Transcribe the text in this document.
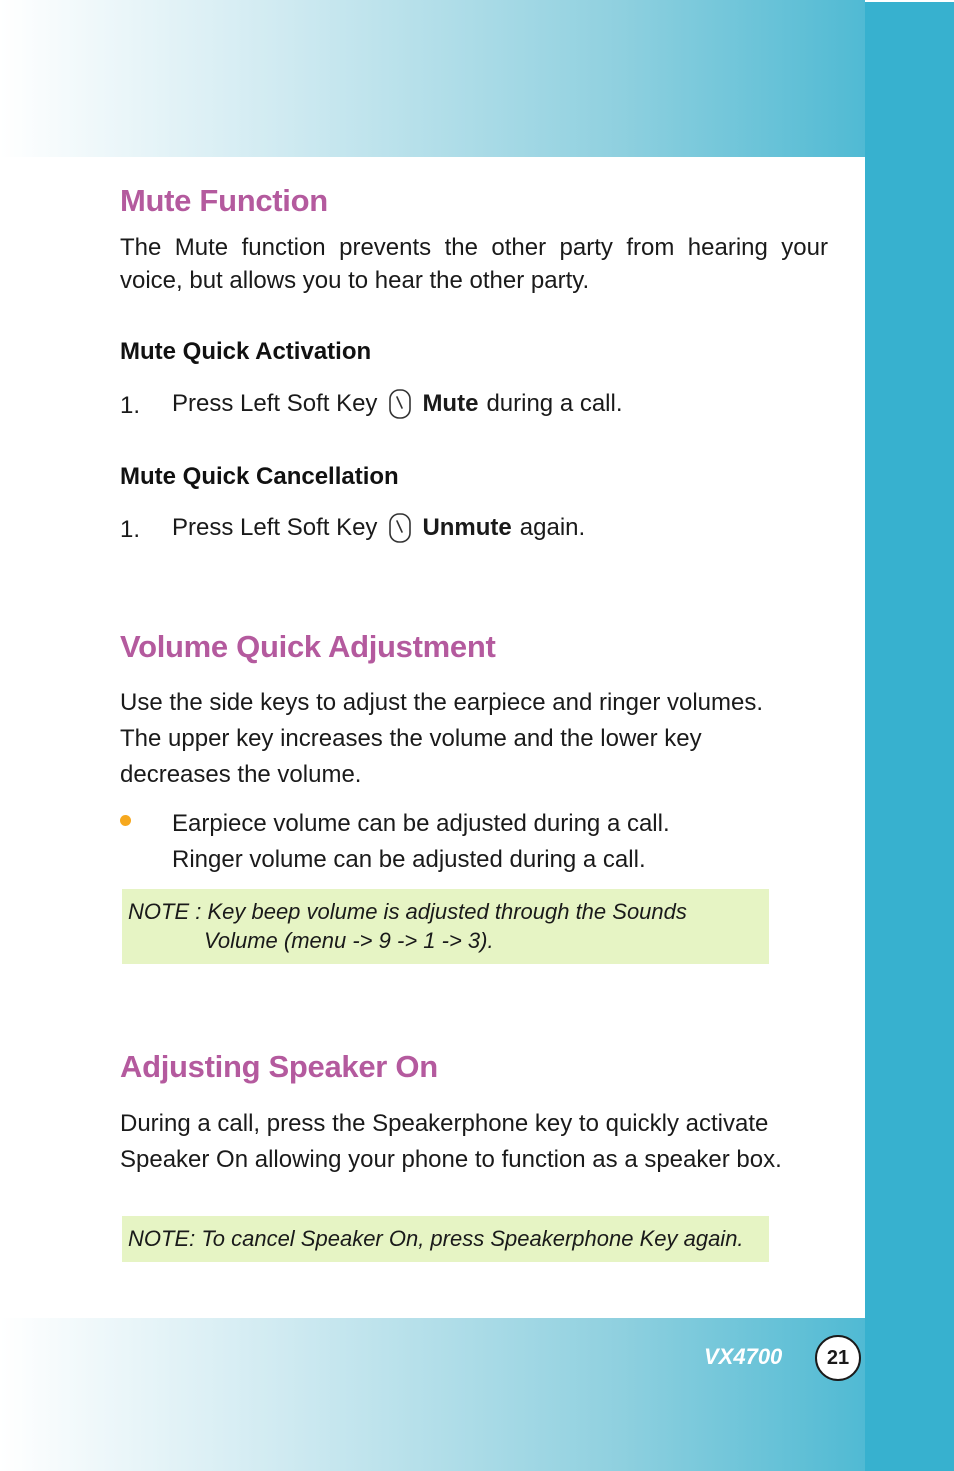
Mute Function

The Mute function prevents the other party from hearing your
voice, but allows you to hear the other party.

Mute Quick Activation
1. Press Left Soft Key Mute during a call.
Mute Quick Cancellation
1. Press Left Soft Key Unmute again.
Volume Quick Adjustment

Use the side keys to adjust the earpiece and ringer volumes.
The upper key increases the volume and the lower key
decreases the volume.

Earpiece volume can be adjusted during a call.
Ringer volume can be adjusted during a call.

NOTE : Key beep volume is adjusted through the Sounds
Volume (menu -> 9 -> 1 -> 3).
Adjusting Speaker On

During a call, press the Speakerphone key to quickly activate
Speaker On allowing your phone to function as a speaker box.

NOTE: To cancel Speaker On, press Speakerphone Key again.
VX4700 21
